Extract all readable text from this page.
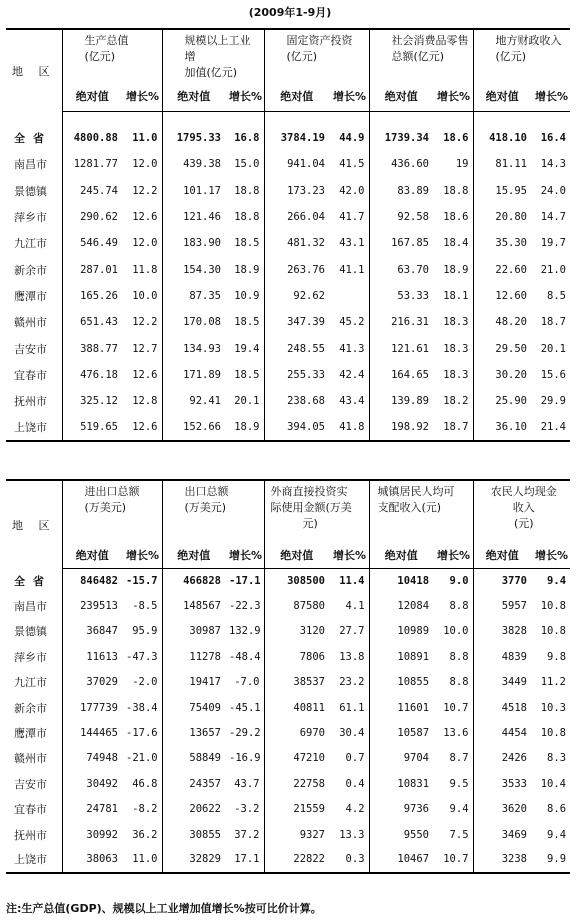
(2009年1-9月)
地 区	生产总值
(亿元)		规模以上工业增
加值(亿元)		固定资产投资
(亿元)		社会消费品零售
总额(亿元)		地方财政收入
(亿元)	
	绝对值	增长%	绝对值	增长%	绝对值	增长%	绝对值	增长%	绝对值	增长%

全省	4800.88	11.0	1795.33	16.8	3784.19	44.9	1739.34	18.6	418.10	16.4
南昌市	1281.77	12.0	439.38	15.0	941.04	41.5	436.60	19	81.11	14.3
景德镇	245.74	12.2	101.17	18.8	173.23	42.0	83.89	18.8	15.95	24.0
萍乡市	290.62	12.6	121.46	18.8	266.04	41.7	92.58	18.6	20.80	14.7
九江市	546.49	12.0	183.90	18.5	481.32	43.1	167.85	18.4	35.30	19.7
新余市	287.01	11.8	154.30	18.9	263.76	41.1	63.70	18.9	22.60	21.0
鹰潭市	165.26	10.0	87.35	10.9	92.62		53.33	18.1	12.60	8.5
赣州市	651.43	12.2	170.08	18.5	347.39	45.2	216.31	18.3	48.20	18.7
吉安市	388.77	12.7	134.93	19.4	248.55	41.3	121.61	18.3	29.50	20.1
宜春市	476.18	12.6	171.89	18.5	255.33	42.4	164.65	18.3	30.20	15.6
抚州市	325.12	12.8	92.41	20.1	238.68	43.4	139.89	18.2	25.90	29.9
上饶市	519.65	12.6	152.66	18.9	394.05	41.8	198.92	18.7	36.10	21.4
地 区	进出口总额
(万美元)		出口总额
(万美元)		外商直接投资实
际使用金额(万美
元)		城镇居民人均可
支配收入(元)		农民人均现金
收入
(元)	
	绝对值	增长%	绝对值	增长%	绝对值	增长%	绝对值	增长%	绝对值	增长%
全省	846482	-15.7	466828	-17.1	308500	11.4	10418	9.0	3770	9.4
南昌市	239513	-8.5	148567	-22.3	87580	4.1	12084	8.8	5957	10.8
景德镇	36847	95.9	30987	132.9	3120	27.7	10989	10.0	3828	10.8
萍乡市	11613	-47.3	11278	-48.4	7806	13.8	10891	8.8	4839	9.8
九江市	37029	-2.0	19417	-7.0	38537	23.2	10855	8.8	3449	11.2
新余市	177739	-38.4	75409	-45.1	40811	61.1	11601	10.7	4518	10.3
鹰潭市	144465	-17.6	13657	-29.2	6970	30.4	10587	13.6	4454	10.8
赣州市	74948	-21.0	58849	-16.9	47210	0.7	9704	8.7	2426	8.3
吉安市	30492	46.8	24357	43.7	22758	0.4	10831	9.5	3533	10.4
宜春市	24781	-8.2	20622	-3.2	21559	4.2	9736	9.4	3620	8.6
抚州市	30992	36.2	30855	37.2	9327	13.3	9550	7.5	3469	9.4
上饶市	38063	11.0	32829	17.1	22822	0.3	10467	10.7	3238	9.9
注:生产总值(GDP)、规模以上工业增加值增长%按可比价计算。
